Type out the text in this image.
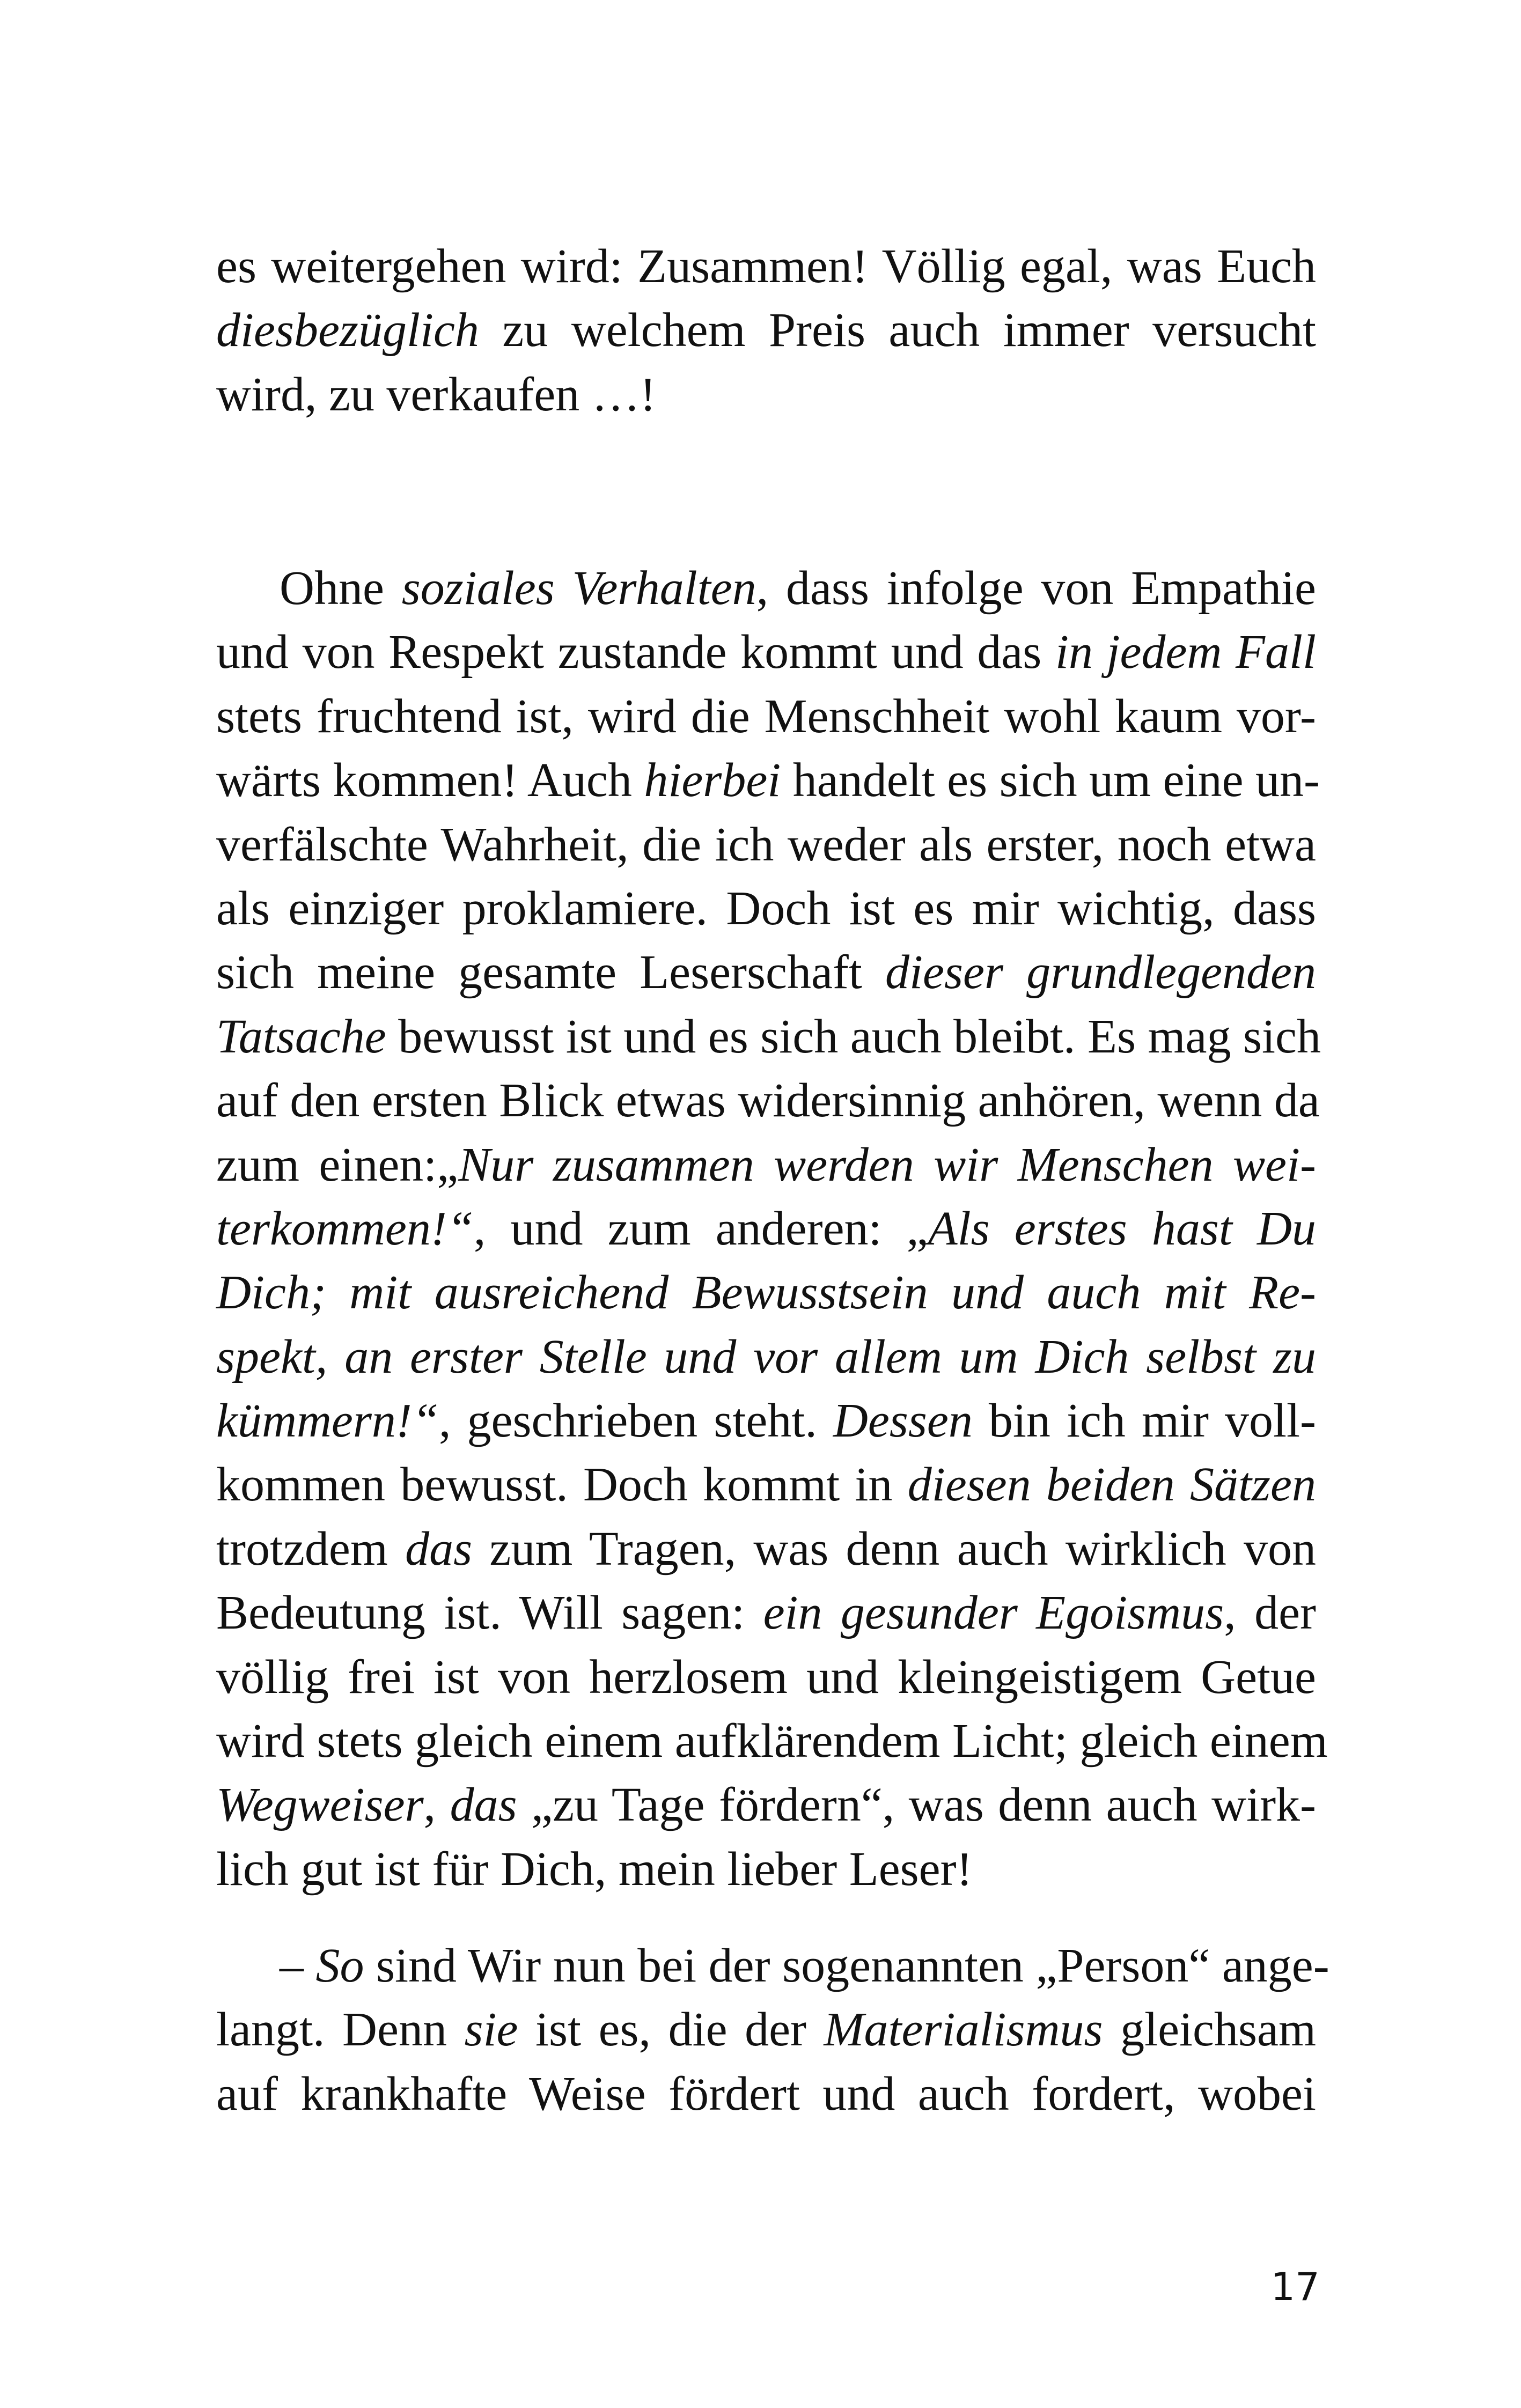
es weitergehen wird: Zusammen! Völlig egal, was Euch
diesbezüglich zu welchem Preis auch immer versucht
wird, zu verkaufen …!
Ohne soziales Verhalten, dass infolge von Empathie
und von Respekt zustande kommt und das in jedem Fall
stets fruchtend ist, wird die Menschheit wohl kaum vor-
wärts kommen! Auch hierbei handelt es sich um eine un-
verfälschte Wahrheit, die ich weder als erster, noch etwa
als einziger proklamiere. Doch ist es mir wichtig, dass
sich meine gesamte Leserschaft dieser grundlegenden
Tatsache bewusst ist und es sich auch bleibt. Es mag sich
auf den ersten Blick etwas widersinnig anhören, wenn da
zum einen:„Nur zusammen werden wir Menschen wei-
terkommen!“, und zum anderen: „Als erstes hast Du
Dich; mit ausreichend Bewusstsein und auch mit Re-
spekt, an erster Stelle und vor allem um Dich selbst zu
kümmern!“, geschrieben steht. Dessen bin ich mir voll-
kommen bewusst. Doch kommt in diesen beiden Sätzen
trotzdem das zum Tragen, was denn auch wirklich von
Bedeutung ist. Will sagen: ein gesunder Egoismus, der
völlig frei ist von herzlosem und kleingeistigem Getue
wird stets gleich einem aufklärendem Licht; gleich einem
Wegweiser, das „zu Tage fördern“, was denn auch wirk-
lich gut ist für Dich, mein lieber Leser!
– So sind Wir nun bei der sogenannten „Person“ ange-
langt. Denn sie ist es, die der Materialismus gleichsam
auf krankhafte Weise fördert und auch fordert, wobei
17
